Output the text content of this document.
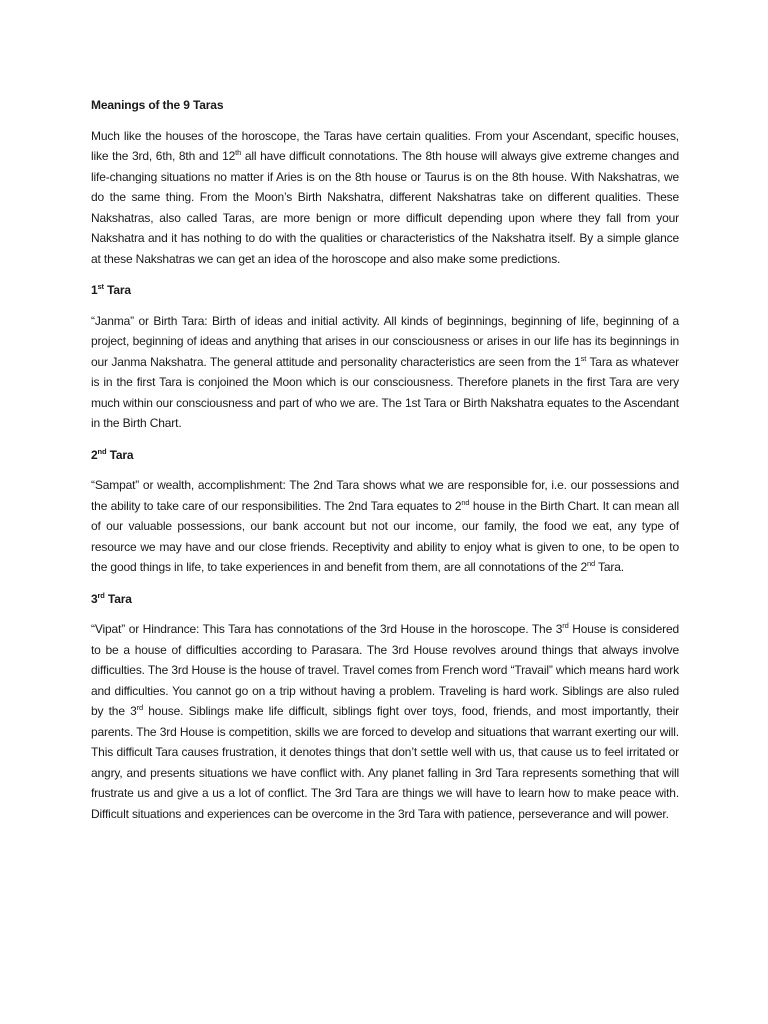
Meanings of the 9 Taras

Much like the houses of the horoscope, the Taras have certain qualities. From your Ascendant, specific houses, like the 3rd, 6th, 8th and 12th all have difficult connotations. The 8th house will always give extreme changes and life-changing situations no matter if Aries is on the 8th house or Taurus is on the 8th house. With Nakshatras, we do the same thing. From the Moon’s Birth Nakshatra, different Nakshatras take on different qualities. These Nakshatras, also called Taras, are more benign or more difficult depending upon where they fall from your Nakshatra and it has nothing to do with the qualities or characteristics of the Nakshatra itself. By a simple glance at these Nakshatras we can get an idea of the horoscope and also make some predictions.

1st Tara

“Janma” or Birth Tara: Birth of ideas and initial activity. All kinds of beginnings, beginning of life, beginning of a project, beginning of ideas and anything that arises in our consciousness or arises in our life has its beginnings in our Janma Nakshatra. The general attitude and personality characteristics are seen from the 1st Tara as whatever is in the first Tara is conjoined the Moon which is our consciousness. Therefore planets in the first Tara are very much within our consciousness and part of who we are. The 1st Tara or Birth Nakshatra equates to the Ascendant in the Birth Chart.

2nd Tara

“Sampat” or wealth, accomplishment: The 2nd Tara shows what we are responsible for, i.e. our possessions and the ability to take care of our responsibilities. The 2nd Tara equates to 2nd house in the Birth Chart. It can mean all of our valuable possessions, our bank account but not our income, our family, the food we eat, any type of resource we may have and our close friends. Receptivity and ability to enjoy what is given to one, to be open to the good things in life, to take experiences in and benefit from them, are all connotations of the 2nd Tara.

3rd Tara

“Vipat” or Hindrance: This Tara has connotations of the 3rd House in the horoscope. The 3rd House is considered to be a house of difficulties according to Parasara. The 3rd House revolves around things that always involve difficulties. The 3rd House is the house of travel. Travel comes from French word “Travail” which means hard work and difficulties. You cannot go on a trip without having a problem. Traveling is hard work. Siblings are also ruled by the 3rd house. Siblings make life difficult, siblings fight over toys, food, friends, and most importantly, their parents. The 3rd House is competition, skills we are forced to develop and situations that warrant exerting our will. This difficult Tara causes frustration, it denotes things that don’t settle well with us, that cause us to feel irritated or angry, and presents situations we have conflict with. Any planet falling in 3rd Tara represents something that will frustrate us and give a us a lot of conflict. The 3rd Tara are things we will have to learn how to make peace with. Difficult situations and experiences can be overcome in the 3rd Tara with patience, perseverance and will power.
